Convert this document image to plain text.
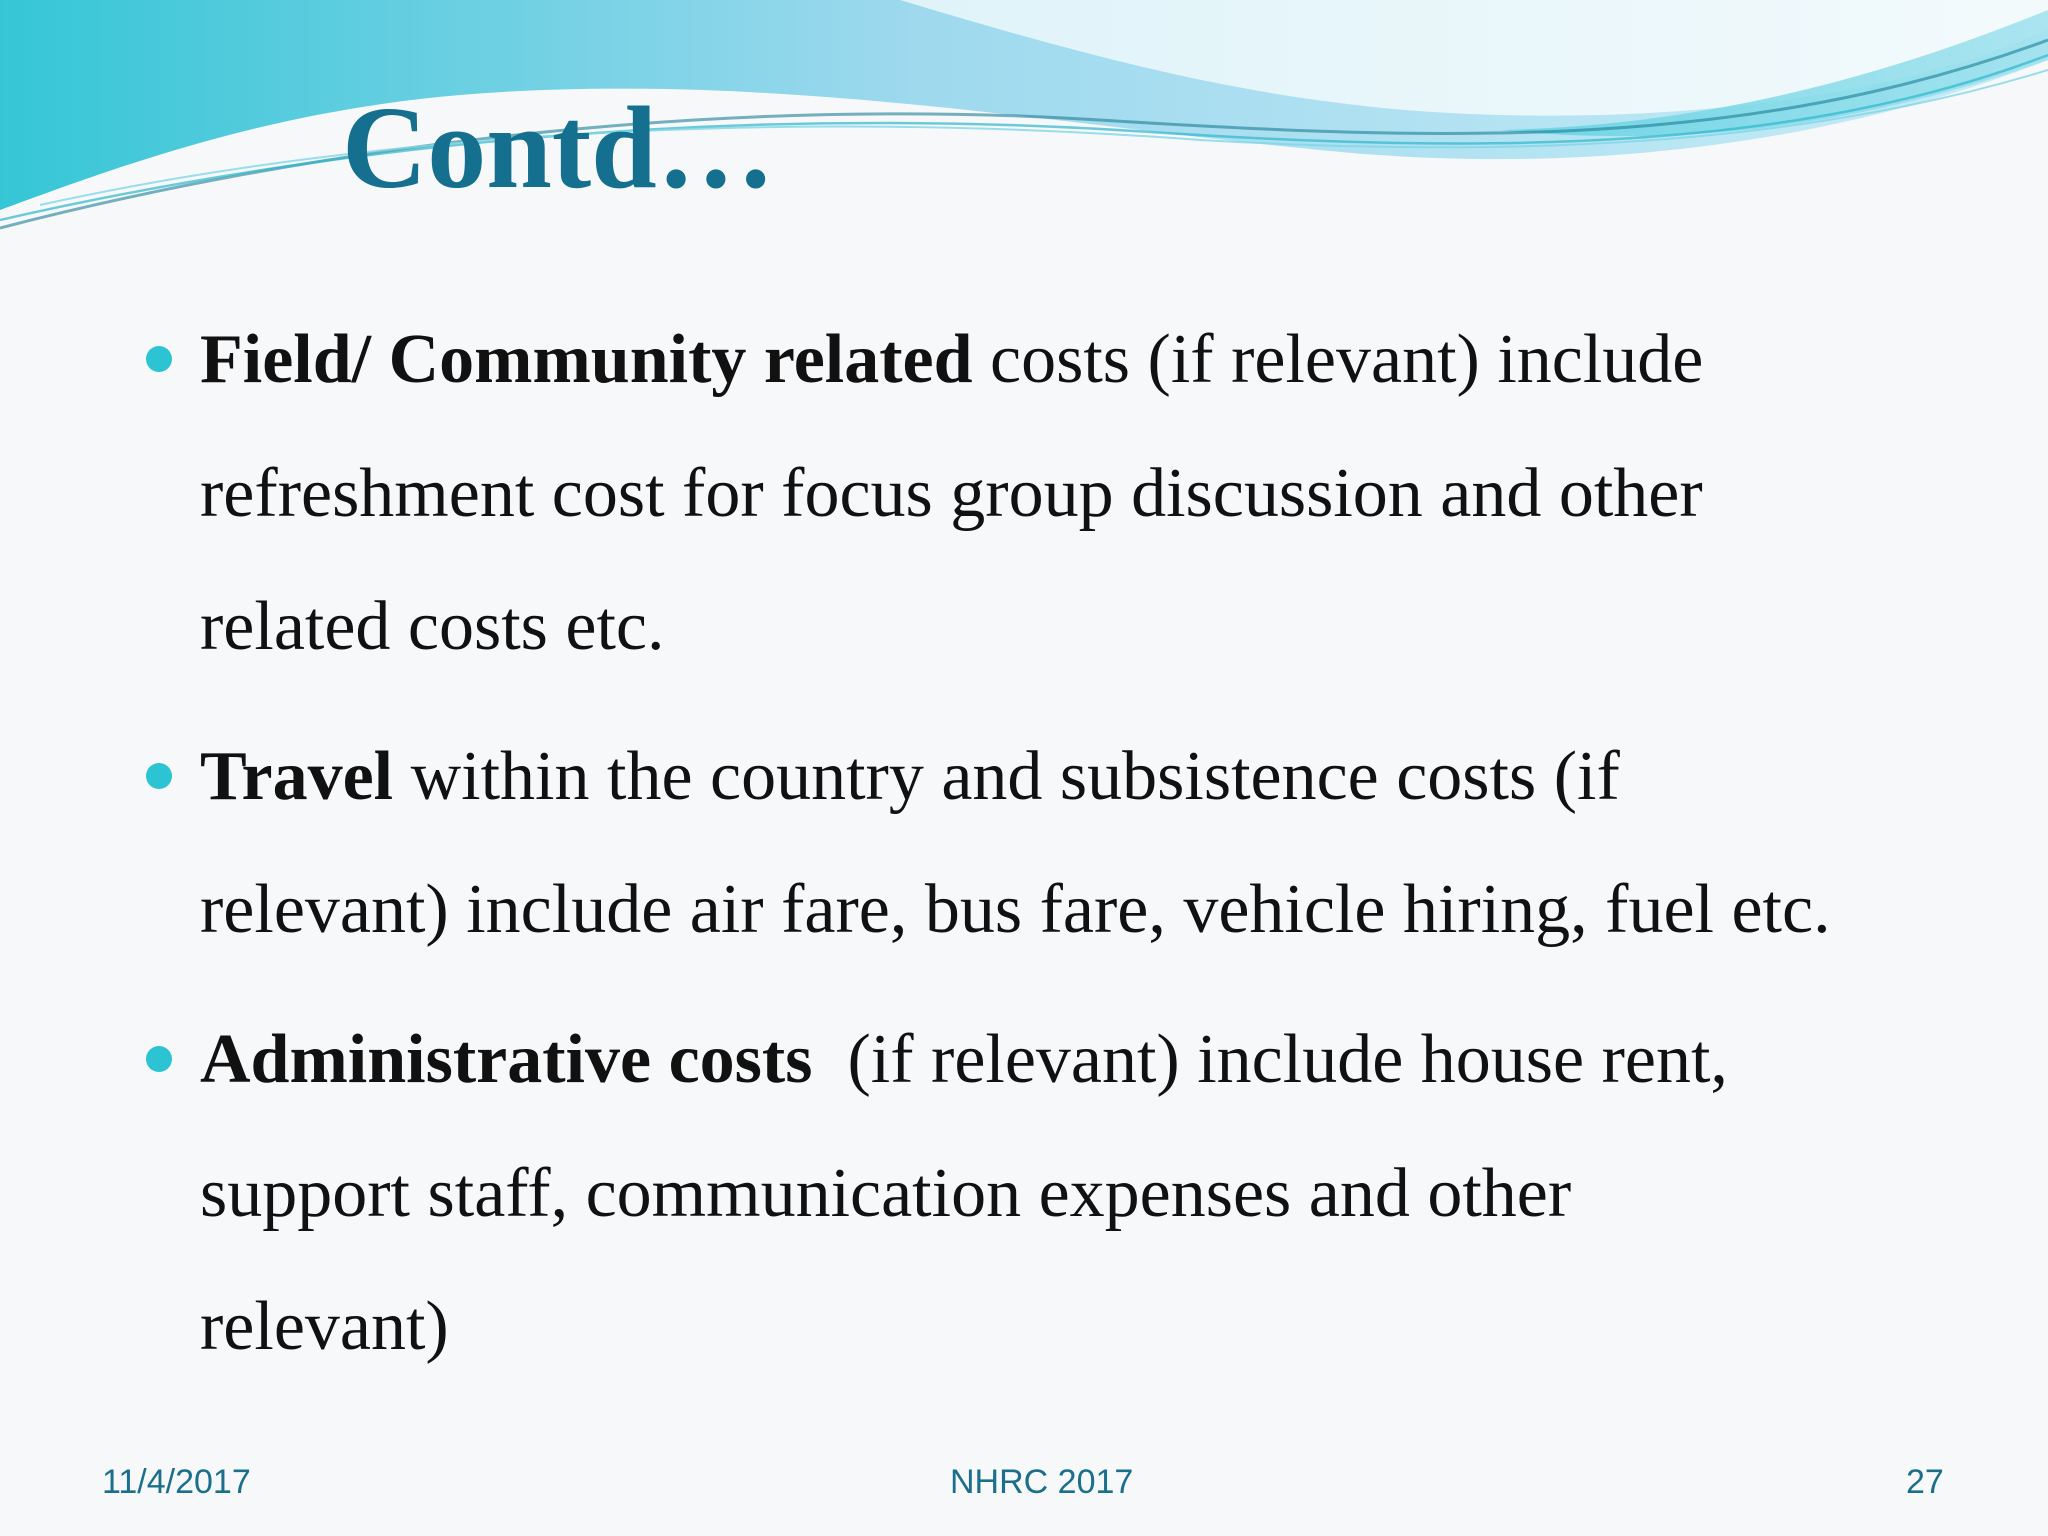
Contd…

Field/ Community related costs (if relevant) include

refreshment cost for focus group discussion and other

related costs etc.

Travel within the country and subsistence costs (if

relevant) include air fare, bus fare, vehicle hiring, fuel etc.

Administrative costs  (if relevant) include house rent,

support staff, communication expenses and other

relevant)

11/4/2017	NHRC 2017	27
